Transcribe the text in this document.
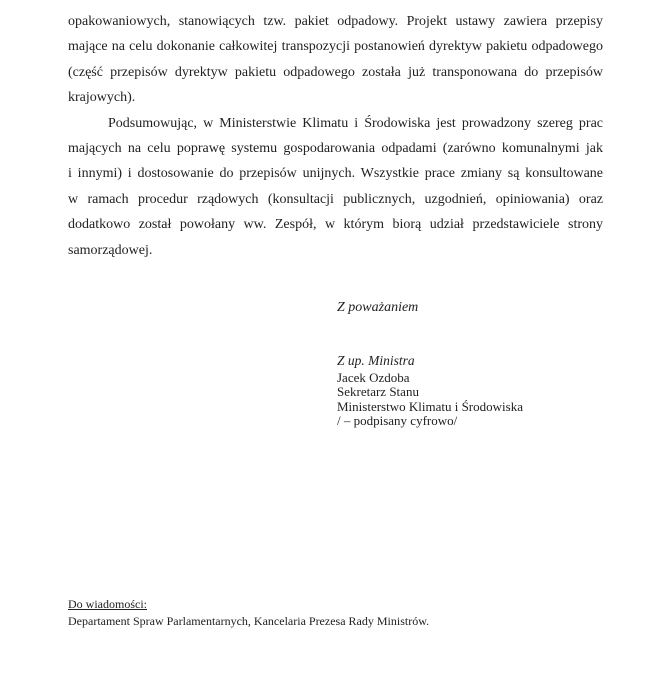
opakowaniowych, stanowiących tzw. pakiet odpadowy. Projekt ustawy zawiera przepisy
mające na celu dokonanie całkowitej transpozycji postanowień dyrektyw pakietu odpadowego
(część przepisów dyrektyw pakietu odpadowego została już transponowana do przepisów
krajowych).
Podsumowując, w Ministerstwie Klimatu i Środowiska jest prowadzony szereg prac
mających na celu poprawę systemu gospodarowania odpadami (zarówno komunalnymi jak
i innymi) i dostosowanie do przepisów unijnych. Wszystkie prace zmiany są konsultowane
w ramach procedur rządowych (konsultacji publicznych, uzgodnień, opiniowania) oraz
dodatkowo został powołany ww. Zespół, w którym biorą udział przedstawiciele strony
samorządowej.
Z poważaniem
Z up. Ministra
Jacek Ozdoba
Sekretarz Stanu
Ministerstwo Klimatu i Środowiska
/ – podpisany cyfrowo/
Do wiadomości:
Departament Spraw Parlamentarnych, Kancelaria Prezesa Rady Ministrów.
